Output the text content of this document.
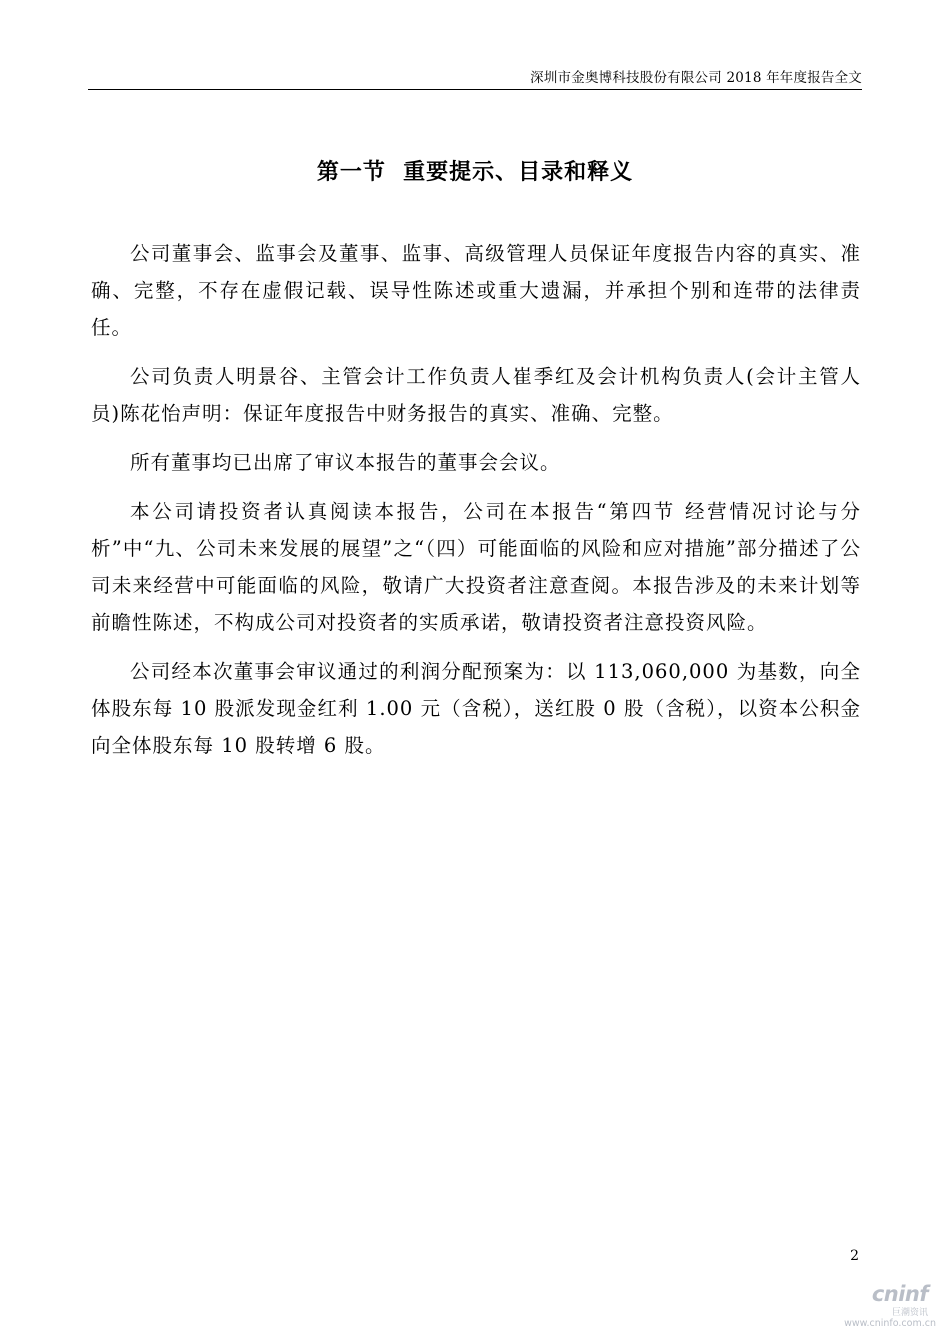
深圳市金奥博科技股份有限公司 2018 年年度报告全文
第一节  重要提示、目录和释义

公司董事会、监事会及董事、监事、高级管理人员保证年度报告内容的真实、准确、完整，不存在虚假记载、误导性陈述或重大遗漏，并承担个别和连带的法律责任。

公司负责人明景谷、主管会计工作负责人崔季红及会计机构负责人(会计主管人员)陈花怡声明：保证年度报告中财务报告的真实、准确、完整。

所有董事均已出席了审议本报告的董事会会议。

本公司请投资者认真阅读本报告，公司在本报告“第四节 经营情况讨论与分析”中“九、公司未来发展的展望”之“（四）可能面临的风险和应对措施”部分描述了公司未来经营中可能面临的风险，敬请广大投资者注意查阅。本报告涉及的未来计划等前瞻性陈述，不构成公司对投资者的实质承诺，敬请投资者注意投资风险。

公司经本次董事会审议通过的利润分配预案为：以 113,060,000 为基数，向全体股东每 10 股派发现金红利 1.00 元（含税），送红股 0 股（含税），以资本公积金向全体股东每 10 股转增 6 股。

2
cninf
巨潮资讯
www.cninfo.com.cn
